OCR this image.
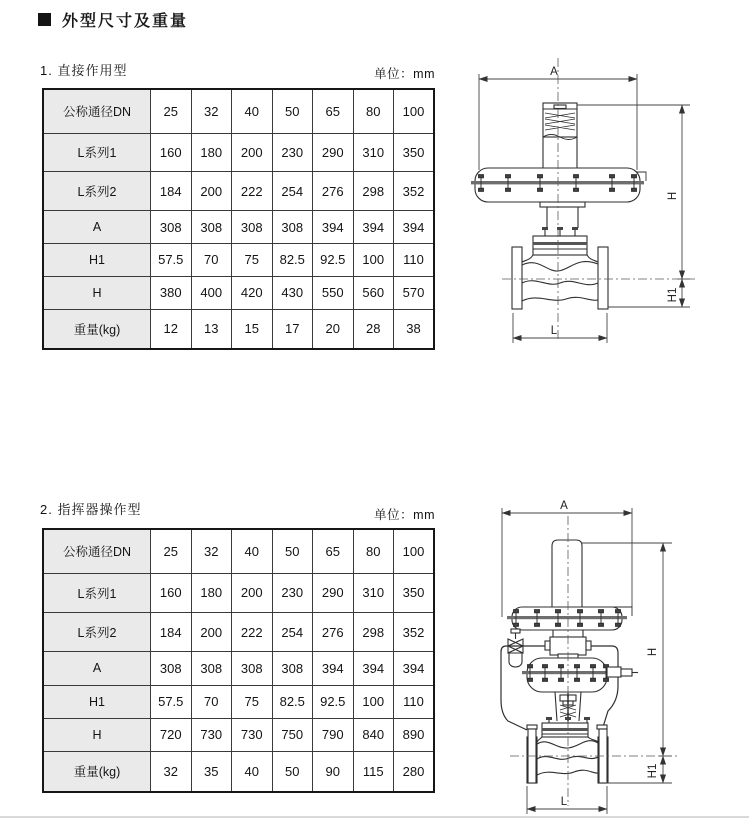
外型尺寸及重量
1. 直接作用型	单位：mm
公称通径DN	25	32	40	50	65	80	100
L系列1	160	180	200	230	290	310	350
L系列2	184	200	222	254	276	298	352
A	308	308	308	308	394	394	394
H1	57.5	70	75	82.5	92.5	100	110
H	380	400	420	430	550	560	570
重量(kg)	12	13	15	17	20	28	38
A
L
H
H1
2. 指挥器操作型	单位：mm
公称通径DN	25	32	40	50	65	80	100
L系列1	160	180	200	230	290	310	350
L系列2	184	200	222	254	276	298	352
A	308	308	308	308	394	394	394
H1	57.5	70	75	82.5	92.5	100	110
H	720	730	730	750	790	840	890
重量(kg)	32	35	40	50	90	115	280
A
L
H
H1
